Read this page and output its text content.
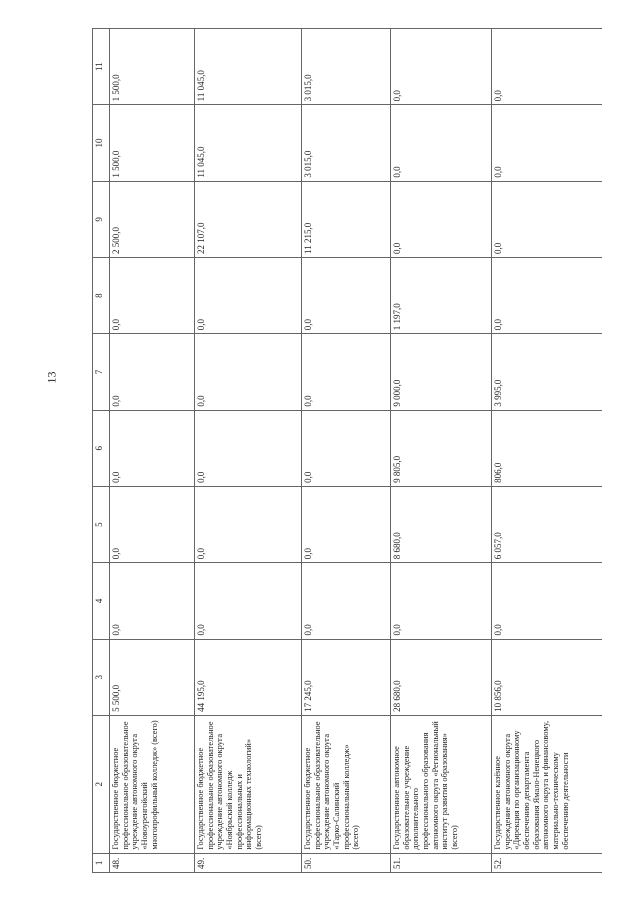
13
1	2	3	4	5	6	7	8	9	10	11
48.	Государственное бюджетное профессиональное образовательное учреждение автономного округа «Новоуренгойский многопрофильный колледж» (всего)	5 500,0	0,0	0,0	0,0	0,0	0,0	2 500,0	1 500,0	1 500,0
49.	Государственное бюджетное профессиональное образовательное учреждение автономного округа «Ноябрьский колледж профессиональных и информационных технологий» (всего)	44 195,0	0,0	0,0	0,0	0,0	0,0	22 107,0	11 045,0	11 045,0
50.	Государственное бюджетное профессиональное образовательное учреждение автономного округа «Тарко-Салинский профессиональный колледж» (всего)	17 245,0	0,0	0,0	0,0	0,0	0,0	11 215,0	3 015,0	3 015,0
51.	Государственное автономное образовательное учреждение дополнительного профессионального образования автономного округа «Региональный институт развития образования» (всего)	28 680,0	0,0	8 680,0	9 805,0	9 000,0	1 197,0	0,0	0,0	0,0
52.	Государственное казённое учреждение автономного округа «Дирекция по организационному обеспечению департамента образования Ямало-Ненецкого автономного округа и финансовому, материально-техническому обеспечению деятельности	10 856,0	0,0	6 057,0	806,0	3 995,0	0,0	0,0	0,0	0,0
